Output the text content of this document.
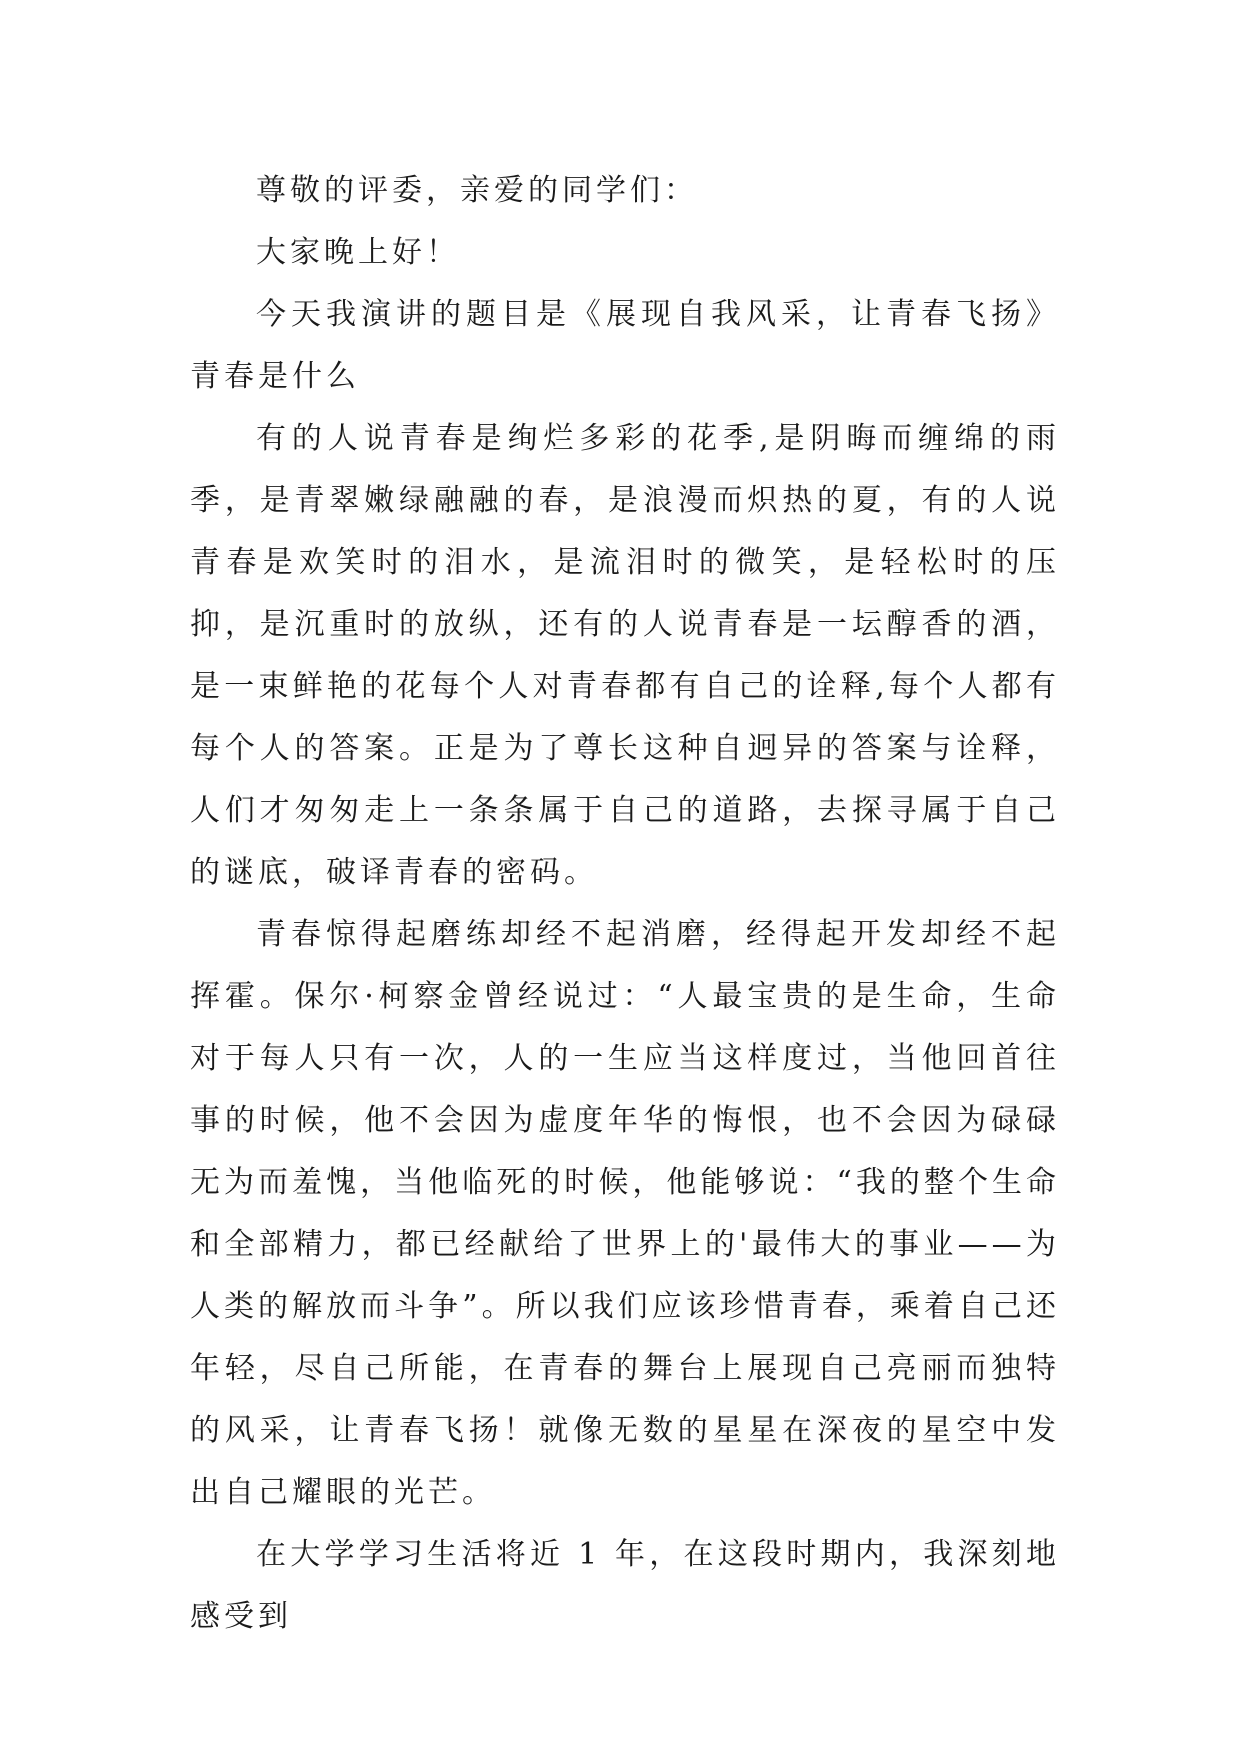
尊敬的评委，亲爱的同学们：

大家晚上好！

今天我演讲的题目是《展现自我风采，让青春飞扬》青春是什么

有的人说青春是绚烂多彩的花季,是阴晦而缠绵的雨季，是青翠嫩绿融融的春，是浪漫而炽热的夏，有的人说青春是欢笑时的泪水，是流泪时的微笑，是轻松时的压抑，是沉重时的放纵，还有的人说青春是一坛醇香的酒，是一束鲜艳的花每个人对青春都有自己的诠释,每个人都有每个人的答案。正是为了尊长这种自迥异的答案与诠释，人们才匆匆走上一条条属于自己的道路，去探寻属于自己的谜底，破译青春的密码。

青春惊得起磨练却经不起消磨，经得起开发却经不起挥霍。保尔·柯察金曾经说过：“人最宝贵的是生命，生命对于每人只有一次，人的一生应当这样度过，当他回首往事的时候，他不会因为虚度年华的悔恨，也不会因为碌碌无为而羞愧，当他临死的时候，他能够说：“我的整个生命和全部精力，都已经献给了世界上的'最伟大的事业——为人类的解放而斗争”。所以我们应该珍惜青春，乘着自己还年轻，尽自己所能，在青春的舞台上展现自己亮丽而独特的风采，让青春飞扬！就像无数的星星在深夜的星空中发出自己耀眼的光芒。

在大学学习生活将近 1 年，在这段时期内，我深刻地感受到
